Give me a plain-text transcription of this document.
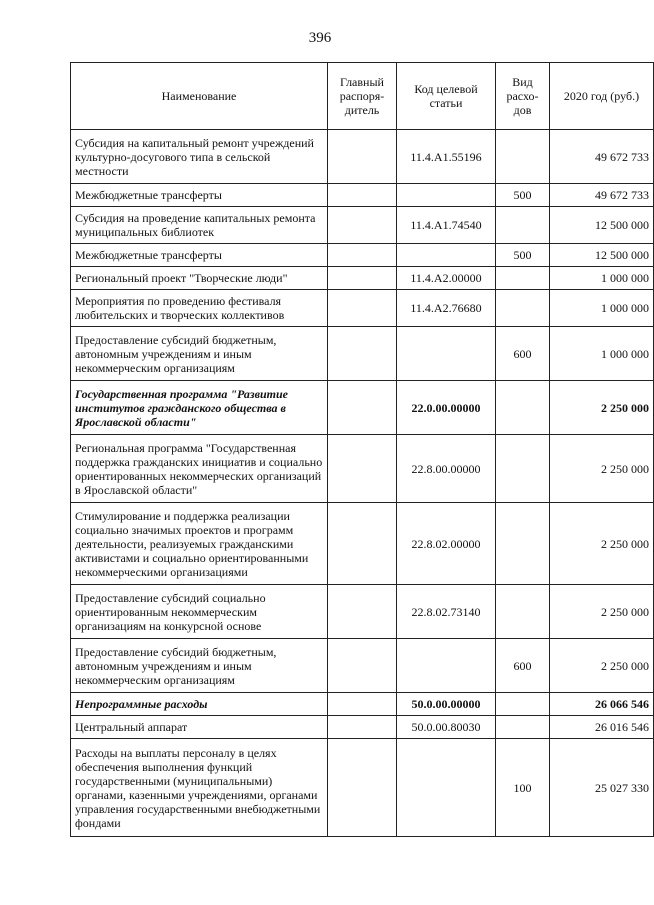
396
Наименование	Главный распоря- дитель	Код целевой статьи	Вид расхо- дов	2020 год (руб.)
Субсидия на капитальный ремонт учреждений культурно-досугового типа в сельской местности		11.4.A1.55196		49 672 733
Межбюджетные трансферты			500	49 672 733
Субсидия на проведение капитальных ремонта муниципальных библиотек		11.4.A1.74540		12 500 000
Межбюджетные трансферты			500	12 500 000
Региональный проект "Творческие люди"		11.4.A2.00000		1 000 000
Мероприятия по проведению фестиваля любительских и творческих коллективов		11.4.A2.76680		1 000 000
Предоставление субсидий бюджетным, автономным учреждениям и иным некоммерческим организациям			600	1 000 000
Государственная программа "Развитие институтов гражданского общества в Ярославской области"		22.0.00.00000		2 250 000
Региональная программа "Государственная поддержка гражданских инициатив и социально ориентированных некоммерческих организаций в Ярославской области"		22.8.00.00000		2 250 000
Стимулирование и поддержка реализации социально значимых проектов и программ деятельности, реализуемых гражданскими активистами и социально ориентированными некоммерческими организациями		22.8.02.00000		2 250 000
Предоставление субсидий социально ориентированным некоммерческим организациям на конкурсной основе		22.8.02.73140		2 250 000
Предоставление субсидий бюджетным, автономным учреждениям и иным некоммерческим организациям			600	2 250 000
Непрограммные расходы		50.0.00.00000		26 066 546
Центральный аппарат		50.0.00.80030		26 016 546
Расходы на выплаты персоналу в целях обеспечения выполнения функций государственными (муниципальными) органами, казенными учреждениями, органами управления государственными внебюджетными фондами			100	25 027 330
